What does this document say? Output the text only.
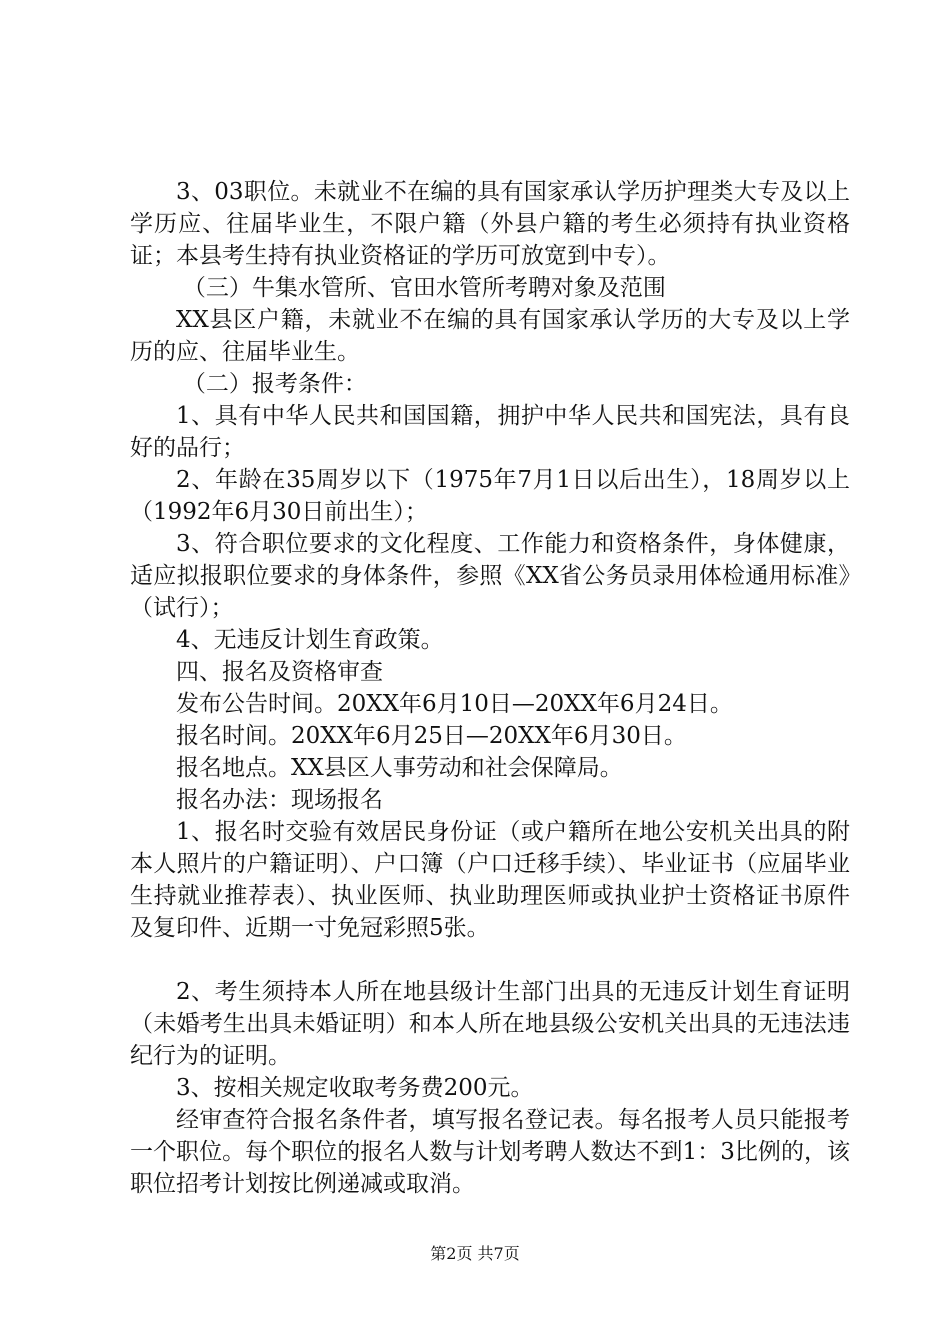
3、03职位。未就业不在编的具有国家承认学历护理类大专及以上学历应、往届毕业生，不限户籍（外县户籍的考生必须持有执业资格证；本县考生持有执业资格证的学历可放宽到中专）。

（三）牛集水管所、官田水管所考聘对象及范围

XX县区户籍，未就业不在编的具有国家承认学历的大专及以上学历的应、往届毕业生。

（二）报考条件：

1、具有中华人民共和国国籍，拥护中华人民共和国宪法，具有良好的品行；

2、年龄在35周岁以下（1975年7月1日以后出生），18周岁以上（1992年6月30日前出生）；

3、符合职位要求的文化程度、工作能力和资格条件，身体健康，适应拟报职位要求的身体条件，参照《XX省公务员录用体检通用标准》（试行）；

4、无违反计划生育政策。

四、报名及资格审查

发布公告时间。20XX年6月10日—20XX年6月24日。

报名时间。20XX年6月25日—20XX年6月30日。

报名地点。XX县区人事劳动和社会保障局。

报名办法：现场报名

1、报名时交验有效居民身份证（或户籍所在地公安机关出具的附本人照片的户籍证明）、户口簿（户口迁移手续）、毕业证书（应届毕业生持就业推荐表）、执业医师、执业助理医师或执业护士资格证书原件及复印件、近期一寸免冠彩照5张。

2、考生须持本人所在地县级计生部门出具的无违反计划生育证明（未婚考生出具未婚证明）和本人所在地县级公安机关出具的无违法违纪行为的证明。

3、按相关规定收取考务费200元。

经审查符合报名条件者，填写报名登记表。每名报考人员只能报考一个职位。每个职位的报名人数与计划考聘人数达不到1：3比例的，该职位招考计划按比例递减或取消。

第2页 共7页
